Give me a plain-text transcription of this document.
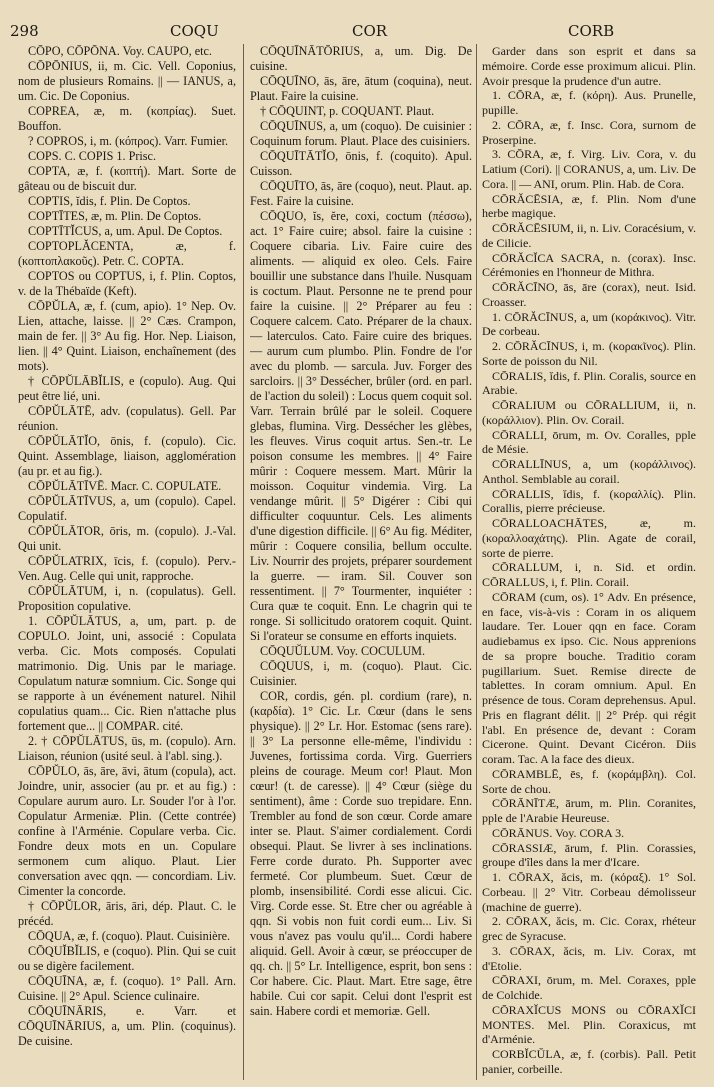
298	COQU	COR	CORB

CŌPO, CŌPŌNA. Voy. CAUPO, etc.

CŌPŌNIUS, ii, m. Cic. Vell. Coponius, nom de plusieurs Romains. || — IANUS, a, um. Cic. De Coponius.

COPREA, æ, m. (κοπρίας). Suet. Bouffon.

? COPROS, i, m. (κόπρος). Varr. Fumier.

COPS. C. COPIS 1. Prisc.

COPTA, æ, f. (κοπτή). Mart. Sorte de gâteau ou de biscuit dur.

COPTIS, ĭdis, f. Plin. De Coptos.

COPTĪTES, æ, m. Plin. De Coptos.

COPTĪTĬCUS, a, um. Apul. De Coptos.

COPTOPLĂCENTA, æ, f. (κοπτοπλακοῦς). Petr. C. COPTA.

COPTOS ou COPTUS, i, f. Plin. Coptos, v. de la Thébaïde (Keft).

CŌPŬLA, æ, f. (cum, apio). 1° Nep. Ov. Lien, attache, laisse. || 2° Cæs. Crampon, main de fer. || 3° Au fig. Hor. Nep. Liaison, lien. || 4° Quint. Liaison, enchaînement (des mots).

† CŌPŬLĀBĬLIS, e (copulo). Aug. Qui peut être lié, uni.

CŌPŬLĀTĒ, adv. (copulatus). Gell. Par réunion.

CŌPŬLĀTĬO, ōnis, f. (copulo). Cic. Quint. Assemblage, liaison, agglomération (au pr. et au fig.).

CŌPŬLĀTĪVĒ. Macr. C. COPULATE.

CŌPŬLĀTĪVUS, a, um (copulo). Capel. Copulatif.

CŌPŬLĀTOR, ōris, m. (copulo). J.-Val. Qui unit.

CŌPŬLATRIX, īcis, f. (copulo). Perv.-Ven. Aug. Celle qui unit, rapproche.

CŌPŬLĀTUM, i, n. (copulatus). Gell. Proposition copulative.

1. CŌPŬLĀTUS, a, um, part. p. de COPULO. Joint, uni, associé : Copulata verba. Cic. Mots composés. Copulati matrimonio. Dig. Unis par le mariage. Copulatum naturæ somnium. Cic. Songe qui se rapporte à un événement naturel. Nihil copulatius quam... Cic. Rien n'attache plus fortement que... || COMPAR. cité.

2. † CŌPŬLĀTUS, ūs, m. (copulo). Arn. Liaison, réunion (usité seul. à l'abl. sing.).

CŌPŬLO, ās, āre, āvi, ātum (copula), act. Joindre, unir, associer (au pr. et au fig.) : Copulare aurum auro. Lr. Souder l'or à l'or. Copulatur Armeniæ. Plin. (Cette contrée) confine à l'Arménie. Copulare verba. Cic. Fondre deux mots en un. Copulare sermonem cum aliquo. Plaut. Lier conversation avec qqn. — concordiam. Liv. Cimenter la concorde.

† CŌPŬLOR, āris, āri, dép. Plaut. C. le précéd.

CŌQUA, æ, f. (coquo). Plaut. Cuisinière.

CŌQUĬBĬLIS, e (coquo). Plin. Qui se cuit ou se digère facilement.

CŌQUĪNA, æ, f. (coquo). 1° Pall. Arn. Cuisine. || 2° Apul. Science culinaire.

CŌQUĪNĀRIS, e. Varr. et CŌQUĪNĀRIUS, a, um. Plin. (coquinus). De cuisine.

CŌQUĪNĀTŌRIUS, a, um. Dig. De cuisine.

CŌQUĪNO, ās, āre, ātum (coquina), neut. Plaut. Faire la cuisine.

† CŌQUINT, p. COQUANT. Plaut.

CŌQUĪNUS, a, um (coquo). De cuisinier : Coquinum forum. Plaut. Place des cuisiniers.

CŌQUĪTĀTĬO, ōnis, f. (coquito). Apul. Cuisson.

CŌQUĪTO, ās, āre (coquo), neut. Plaut. ap. Fest. Faire la cuisine.

CŌQUO, ĭs, ĕre, coxi, coctum (πέσσω), act. 1° Faire cuire; absol. faire la cuisine : Coquere cibaria. Liv. Faire cuire des aliments. — aliquid ex oleo. Cels. Faire bouillir une substance dans l'huile. Nusquam is coctum. Plaut. Personne ne te prend pour faire la cuisine. || 2° Préparer au feu : Coquere calcem. Cato. Préparer de la chaux. — laterculos. Cato. Faire cuire des briques. — aurum cum plumbo. Plin. Fondre de l'or avec du plomb. — sarcula. Juv. Forger des sarcloirs. || 3° Dessécher, brûler (ord. en parl. de l'action du soleil) : Locus quem coquit sol. Varr. Terrain brûlé par le soleil. Coquere glebas, flumina. Virg. Dessécher les glèbes, les fleuves. Virus coquit artus. Sen.-tr. Le poison consume les membres. || 4° Faire mûrir : Coquere messem. Mart. Mûrir la moisson. Coquitur vindemia. Virg. La vendange mûrit. || 5° Digérer : Cibi qui difficulter coquuntur. Cels. Les aliments d'une digestion difficile. || 6° Au fig. Méditer, mûrir : Coquere consilia, bellum occulte. Liv. Nourrir des projets, préparer sourdement la guerre. — iram. Sil. Couver son ressentiment. || 7° Tourmenter, inquiéter : Cura quæ te coquit. Enn. Le chagrin qui te ronge. Si sollicitudo oratorem coquit. Quint. Si l'orateur se consume en efforts inquiets.

CŌQUŬLUM. Voy. COCULUM.

CŌQUUS, i, m. (coquo). Plaut. Cic. Cuisinier.

COR, cordis, gén. pl. cordium (rare), n. (καρδία). 1° Cic. Lr. Cœur (dans le sens physique). || 2° Lr. Hor. Estomac (sens rare). || 3° La personne elle-même, l'individu : Juvenes, fortissima corda. Virg. Guerriers pleins de courage. Meum cor! Plaut. Mon cœur! (t. de caresse). || 4° Cœur (siège du sentiment), âme : Corde suo trepidare. Enn. Trembler au fond de son cœur. Corde amare inter se. Plaut. S'aimer cordialement. Cordi obsequi. Plaut. Se livrer à ses inclinations. Ferre corde durato. Ph. Supporter avec fermeté. Cor plumbeum. Suet. Cœur de plomb, insensibilité. Cordi esse alicui. Cic. Virg. Corde esse. St. Etre cher ou agréable à qqn. Si vobis non fuit cordi eum... Liv. Si vous n'avez pas voulu qu'il... Cordi habere aliquid. Gell. Avoir à cœur, se préoccuper de qq. ch. || 5° Lr. Intelligence, esprit, bon sens : Cor habere. Cic. Plaut. Mart. Etre sage, être habile. Cui cor sapit. Celui dont l'esprit est sain. Habere cordi et memoriæ. Gell.

Garder dans son esprit et dans sa mémoire. Corde esse proximum alicui. Plin. Avoir presque la prudence d'un autre.

1. CŌRA, æ, f. (κόρη). Aus. Prunelle, pupille.

2. CŌRA, æ, f. Insc. Cora, surnom de Proserpine.

3. CŌRA, æ, f. Virg. Liv. Cora, v. du Latium (Cori). || CORANUS, a, um. Liv. De Cora. || — ANI, orum. Plin. Hab. de Cora.

CŌRĂCĒSIA, æ, f. Plin. Nom d'une herbe magique.

CŌRĂCĒSIUM, ii, n. Liv. Coracésium, v. de Cilicie.

CŌRĂCĬCA SACRA, n. (corax). Insc. Cérémonies en l'honneur de Mithra.

CŌRĂCĪNO, ās, āre (corax), neut. Isid. Croasser.

1. CŌRĂCĪNUS, a, um (κοράκινος). Vitr. De corbeau.

2. CŌRĂCĪNUS, i, m. (κορακῖνος). Plin. Sorte de poisson du Nil.

CŌRALIS, ĭdis, f. Plin. Coralis, source en Arabie.

CŌRALIUM ou CŌRALLIUM, ii, n. (κοράλλιον). Plin. Ov. Corail.

CŌRALLI, ōrum, m. Ov. Coralles, pple de Mésie.

CŌRALLĪNUS, a, um (κοράλλινος). Anthol. Semblable au corail.

CŌRALLIS, ĭdis, f. (κοραλλίς). Plin. Corallis, pierre précieuse.

CŌRALLOACHĀTES, æ, m. (κοραλλοαχάτης). Plin. Agate de corail, sorte de pierre.

CŌRALLUM, i, n. Sid. et ordin. CŌRALLUS, i, f. Plin. Corail.

CŌRAM (cum, os). 1° Adv. En présence, en face, vis-à-vis : Coram in os aliquem laudare. Ter. Louer qqn en face. Coram audiebamus ex ipso. Cic. Nous apprenions de sa propre bouche. Traditio coram pugillarium. Suet. Remise directe de tablettes. In coram omnium. Apul. En présence de tous. Coram deprehensus. Apul. Pris en flagrant délit. || 2° Prép. qui régit l'abl. En présence de, devant : Coram Cicerone. Quint. Devant Cicéron. Diis coram. Tac. A la face des dieux.

CŌRAMBLĒ, ēs, f. (κοράμβλη). Col. Sorte de chou.

CŌRĀNĪTÆ, ārum, m. Plin. Coranites, pple de l'Arabie Heureuse.

CŌRĀNUS. Voy. CORA 3.

CŌRASSIÆ, ārum, f. Plin. Corassies, groupe d'îles dans la mer d'Icare.

1. CŌRAX, ăcis, m. (κόραξ). 1° Sol. Corbeau. || 2° Vitr. Corbeau démolisseur (machine de guerre).

2. CŌRAX, ăcis, m. Cic. Corax, rhéteur grec de Syracuse.

3. CŌRAX, ăcis, m. Liv. Corax, mt d'Etolie.

CŌRAXI, ōrum, m. Mel. Coraxes, pple de Colchide.

CŌRAXĬCUS MONS ou CŌRAXĬCI MONTES. Mel. Plin. Coraxicus, mt d'Arménie.

CORBĬCŬLA, æ, f. (corbis). Pall. Petit panier, corbeille.
